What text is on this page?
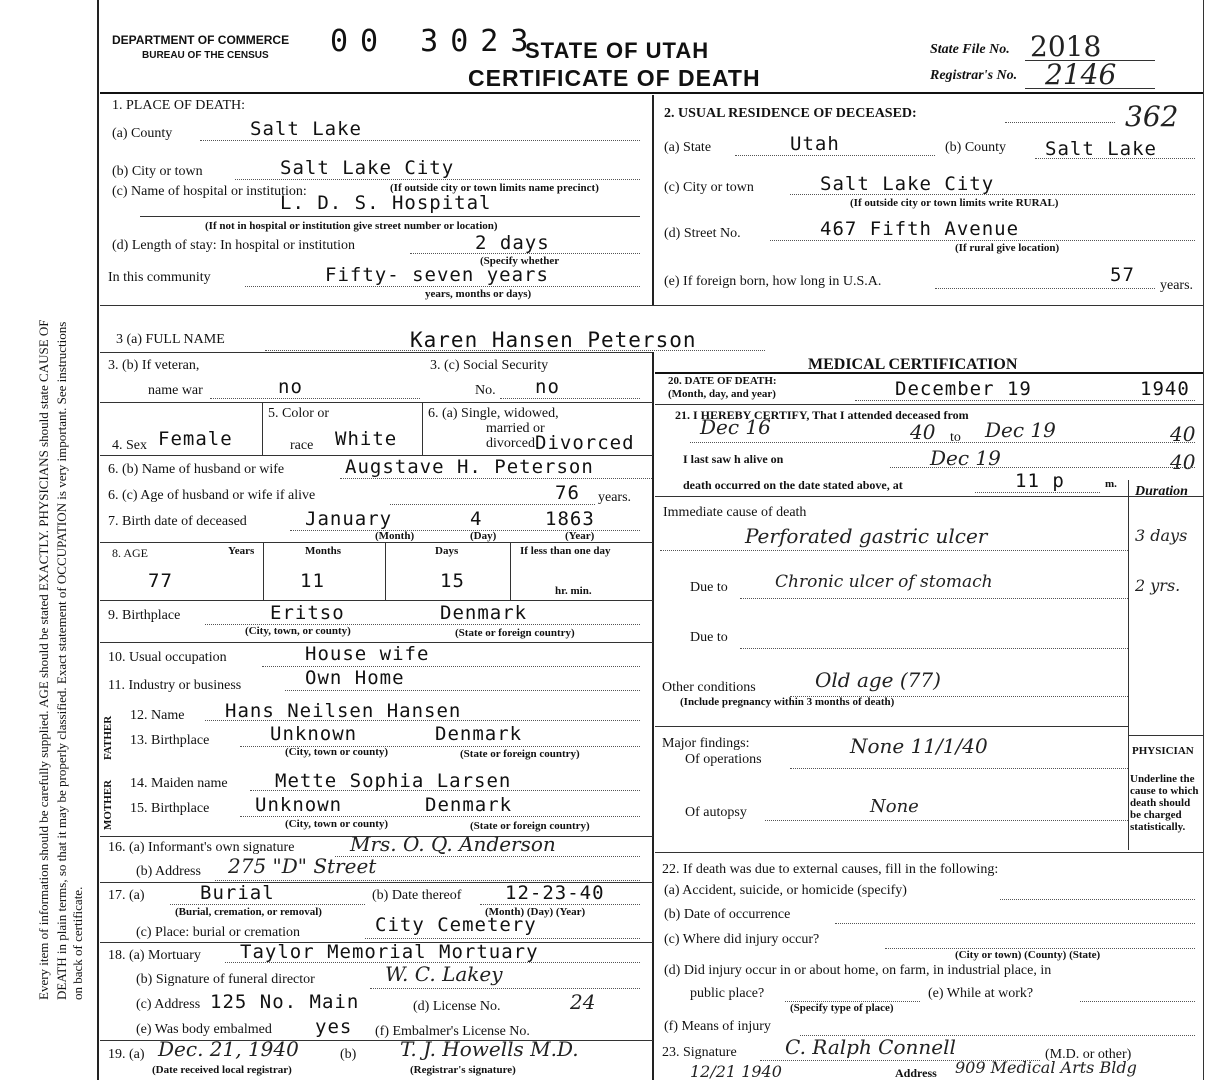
Every item of information should be carefully supplied. AGE should be stated EXACTLY. PHYSICIANS should state CAUSE OF DEATH in plain terms, so that it may be properly classified. Exact statement of OCCUPATION is very important. See instructions on back of certificate.
DEPARTMENT OF COMMERCE
BUREAU OF THE CENSUS 00 3023
STATE OF UTAH
CERTIFICATE OF DEATH
State File No. 2018
Registrar's No. 2146
362
1. PLACE OF DEATH:
(a) County	Salt Lake
(b) City or town	Salt Lake City
(c) Name of hospital or institution:	(If outside city or town limits name precinct)
L. D. S. Hospital
(If not in hospital or institution give street number or location)
(d) Length of stay: In hospital or institution	2 days
(Specify whether
In this community	Fifty- seven years
years, months or days)
2. USUAL RESIDENCE OF DECEASED:
(a) State	Utah	(b) County Salt Lake
(c) City or town	Salt Lake City
(If outside city or town limits write RURAL)
(d) Street No.	467 Fifth Avenue
(If rural give location)
(e) If foreign born, how long in U.S.A.	57 years.
3 (a) FULL NAME	Karen Hansen Peterson
3. (b) If veteran,
name war	no
3. (c) Social Security
No. no
5. Color or	6. (a) Single, widowed,
married or
divorced
4. Sex Female	race White	Divorced
6. (b) Name of husband or wife	Augstave H. Peterson
6. (c) Age of husband or wife if alive	76 years.
7. Birth date of deceased	January	4	1863
(Month)	(Day)	(Year)
8. AGE	Years	Months	Days	If less than one day
77	11	15	hr. min.
9. Birthplace	Eritso	Denmark
(City, town, or county)	(State or foreign country)
10. Usual occupation	House wife
11. Industry or business	Own Home
FATHER
MOTHER
12. Name Hans Neilsen Hansen
13. Birthplace	Unknown	Denmark
(City, town or county)	(State or foreign country)
14. Maiden name Mette Sophia Larsen
15. Birthplace Unknown	Denmark
(City, town or county)	(State or foreign country)
16. (a) Informant's own signature	Mrs. O. Q. Anderson
(b) Address 275 "D" Street
17. (a)	Burial
(Burial, cremation, or removal)
(b) Date thereof 12-23-40
(Month) (Day) (Year)
(c) Place: burial or cremation	City Cemetery
18. (a) Mortuary Taylor Memorial Mortuary
(b) Signature of funeral director	W. C. Lakey
(c) Address 125 No. Main	(d) License No.	24
(e) Was body embalmed yes (f) Embalmer's License No.
19. (a) Dec. 21, 1940
(Date received local registrar)
(b) T. J. Howells M.D.
(Registrar's signature)
MEDICAL CERTIFICATION
20. DATE OF DEATH:
(Month, day, and year)	December 19	1940
21. I HEREBY CERTIFY, That I attended deceased from
Dec 16	40 to Dec 19	40
I last saw h alive on	Dec 19	40
death occurred on the date stated above, at	11 p	m. Duration
Immediate cause of death
Perforated gastric ulcer	3 days
Due to	Chronic ulcer of stomach	2 yrs.
Due to
Other conditions	Old age (77)
(Include pregnancy within 3 months of death)
Major findings:
Of operations
None 11/1/40
Of autopsy	None
PHYSICIAN
Underline the cause to which death should be charged statistically.
22. If death was due to external causes, fill in the following:
(a) Accident, suicide, or homicide (specify)
(b) Date of occurrence
(c) Where did injury occur?
(City or town) (County) (State)
(d) Did injury occur in or about home, on farm, in industrial place, in
public place?
(Specify type of place)
(e) While at work?
(f) Means of injury
23. Signature C. Ralph Connell	(M.D. or other)
12/21 1940	Address 909 Medical Arts Bldg
